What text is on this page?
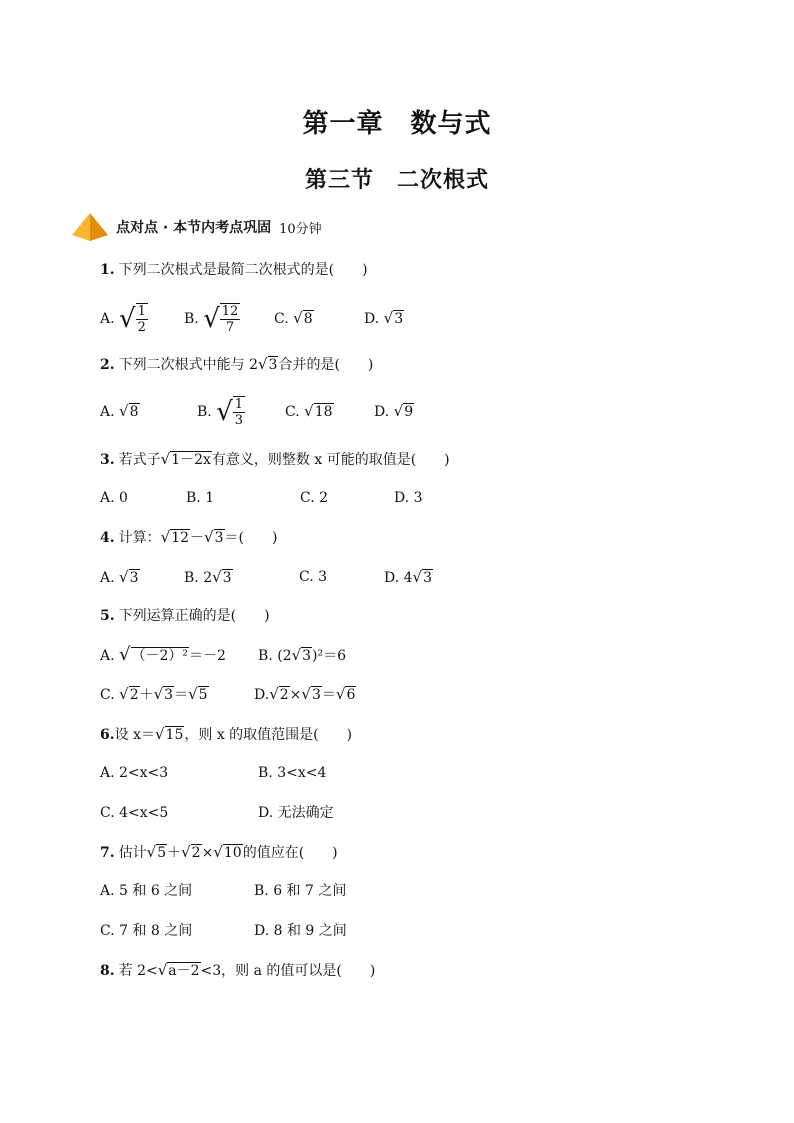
第一章　数与式
第三节　二次根式
点对点 · 本节内考点巩固 10分钟
1. 下列二次根式是最简二次根式的是(　　)
A. √ $\frac{1}{2}$	B. √ $\frac{12}{7} C$. √8	D. √3
2. 下列二次根式中能与 2√3合并的是(　　)
A. √8	B. √ $\frac{1}{3}$	C. √18	D. √9
3. 若式子√1－2x有意义，则整数 x 可能的取值是(　　)
A. 0	B. 1	C. 2	D. 3
4. 计算：√12－√3＝(　　)
A. √3	B. 2√3	C. 3	D. 4√3
5. 下列运算正确的是(　　)
A. √（－2）²＝－2 B. (2√3)²＝6
C. √2＋√3＝√5	D.√2×√3＝√6
6.设 x＝√15，则 x 的取值范围是(　　)
A. 2<x<3	B. 3<x<4
C. 4<x<5	D. 无法确定
7. 估计√5＋√2×√10的值应在(　　)
A. 5 和 6 之间	B. 6 和 7 之间
C. 7 和 8 之间	D. 8 和 9 之间
8. 若 2<√a－2<3，则 a 的值可以是(　　)
